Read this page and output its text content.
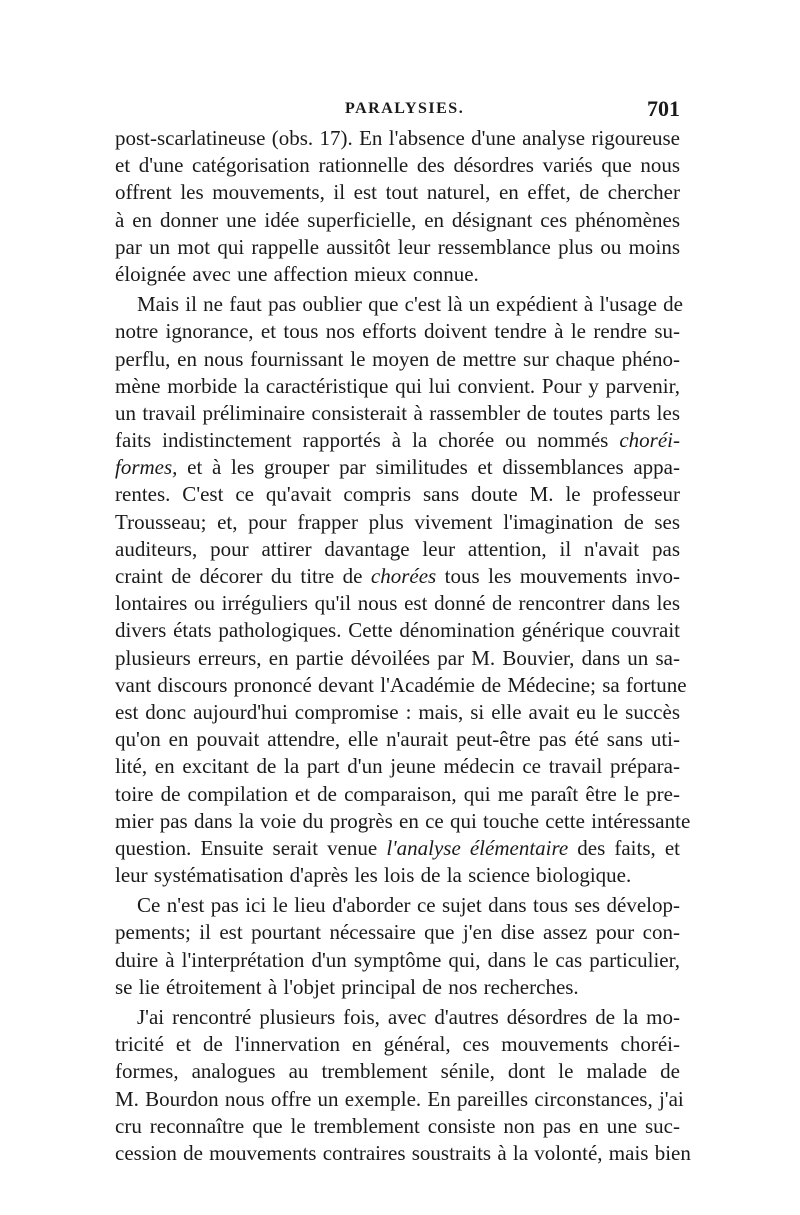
PARALYSIES.	701
post-scarlatineuse (obs. 17). En l'absence d'une analyse rigoureuse
et d'une catégorisation rationnelle des désordres variés que nous
offrent les mouvements, il est tout naturel, en effet, de chercher
à en donner une idée superficielle, en désignant ces phénomènes
par un mot qui rappelle aussitôt leur ressemblance plus ou moins
éloignée avec une affection mieux connue.
Mais il ne faut pas oublier que c'est là un expédient à l'usage de
notre ignorance, et tous nos efforts doivent tendre à le rendre su-
perflu, en nous fournissant le moyen de mettre sur chaque phéno-
mène morbide la caractéristique qui lui convient. Pour y parvenir,
un travail préliminaire consisterait à rassembler de toutes parts les
faits indistinctement rapportés à la chorée ou nommés choréi-
formes, et à les grouper par similitudes et dissemblances appa-
rentes. C'est ce qu'avait compris sans doute M. le professeur
Trousseau; et, pour frapper plus vivement l'imagination de ses
auditeurs, pour attirer davantage leur attention, il n'avait pas
craint de décorer du titre de chorées tous les mouvements invo-
lontaires ou irréguliers qu'il nous est donné de rencontrer dans les
divers états pathologiques. Cette dénomination générique couvrait
plusieurs erreurs, en partie dévoilées par M. Bouvier, dans un sa-
vant discours prononcé devant l'Académie de Médecine; sa fortune
est donc aujourd'hui compromise : mais, si elle avait eu le succès
qu'on en pouvait attendre, elle n'aurait peut-être pas été sans uti-
lité, en excitant de la part d'un jeune médecin ce travail prépara-
toire de compilation et de comparaison, qui me paraît être le pre-
mier pas dans la voie du progrès en ce qui touche cette intéressante
question. Ensuite serait venue l'analyse élémentaire des faits, et
leur systématisation d'après les lois de la science biologique.
Ce n'est pas ici le lieu d'aborder ce sujet dans tous ses dévelop-
pements; il est pourtant nécessaire que j'en dise assez pour con-
duire à l'interprétation d'un symptôme qui, dans le cas particulier,
se lie étroitement à l'objet principal de nos recherches.
J'ai rencontré plusieurs fois, avec d'autres désordres de la mo-
tricité et de l'innervation en général, ces mouvements choréi-
formes, analogues au tremblement sénile, dont le malade de
M. Bourdon nous offre un exemple. En pareilles circonstances, j'ai
cru reconnaître que le tremblement consiste non pas en une suc-
cession de mouvements contraires soustraits à la volonté, mais bien
